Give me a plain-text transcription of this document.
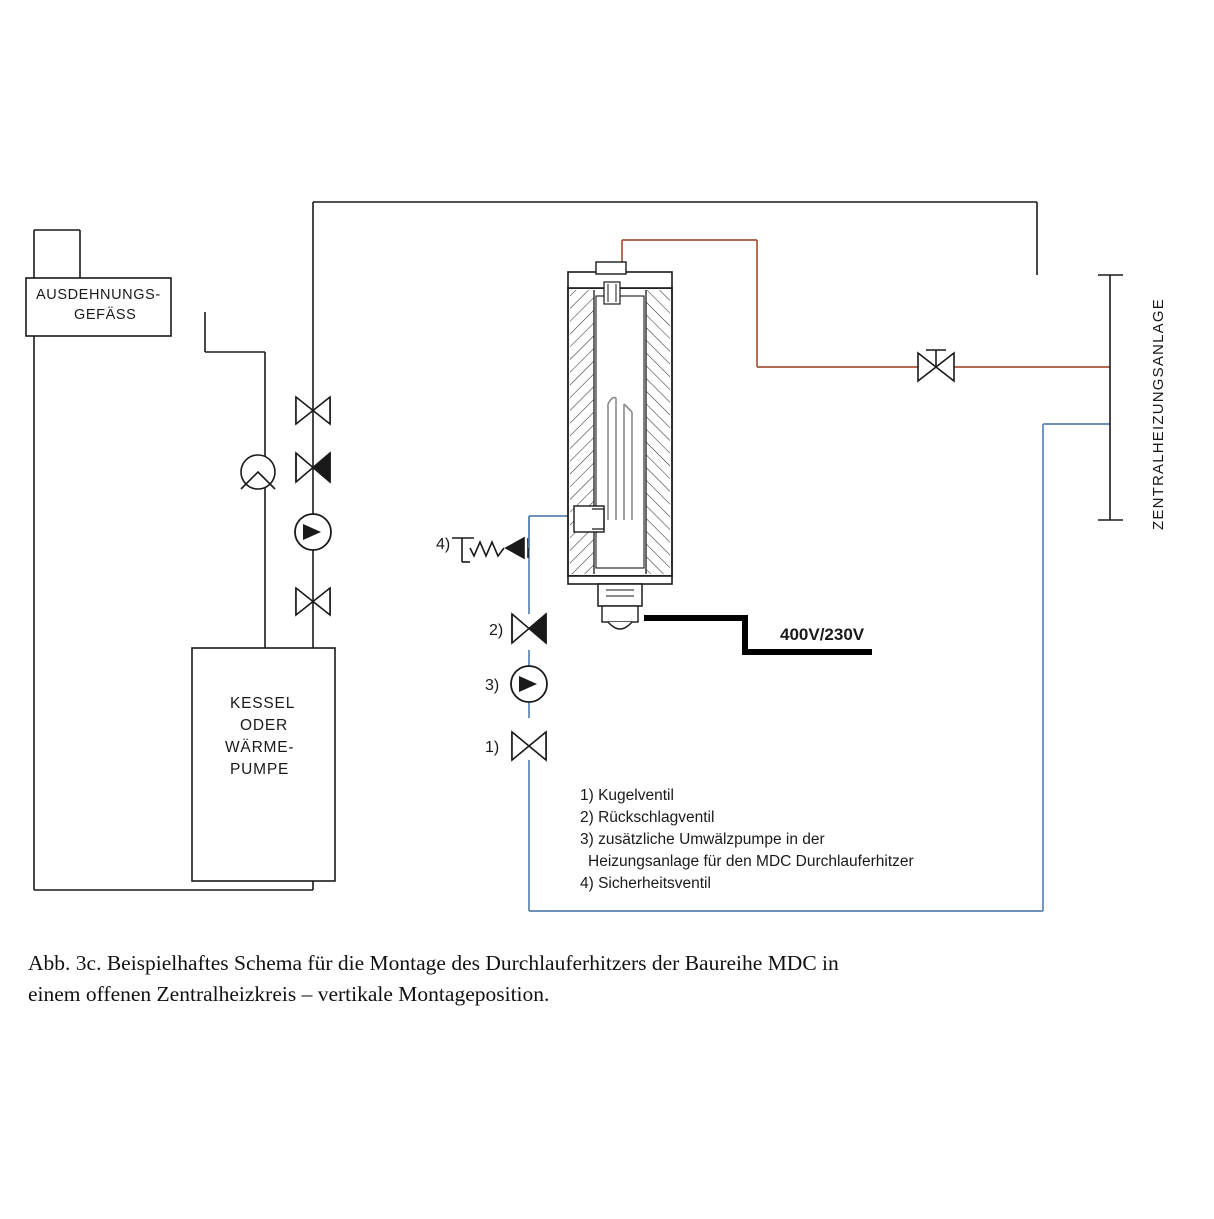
AUSDEHNUNGS-
GEFÄSS
KESSEL
ODER
WÄRME-
PUMPE
ZENTRALHEIZUNGSANLAGE
400V/230V
4)
2)
3)
1)
1) Kugelventil
2) Rückschlagventil
3) zusätzliche Umwälzpumpe in der
Heizungsanlage für den MDC Durchlauferhitzer
4) Sicherheitsventil
Abb. 3c. Beispielhaftes Schema für die Montage des Durchlauferhitzers der Baureihe MDC in
einem offenen Zentralheizkreis – vertikale Montageposition.
